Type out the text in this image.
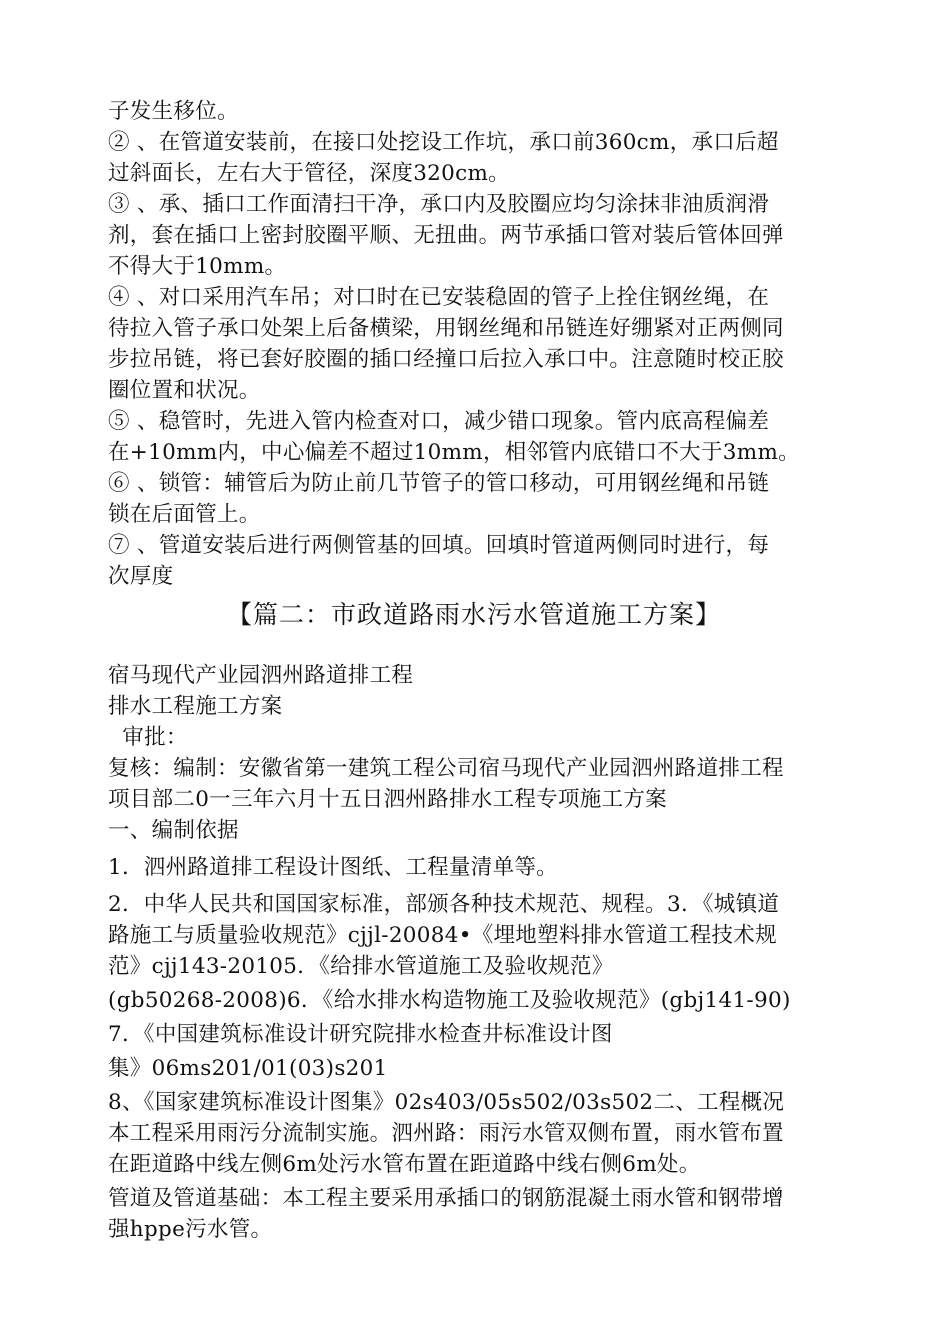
子发生移位。
② 、在管道安装前，在接口处挖设工作坑，承口前360cm，承口后超
过斜面长，左右大于管径，深度320cm。
③ 、承、插口工作面清扫干净，承口内及胶圈应均匀涂抹非油质润滑
剂，套在插口上密封胶圈平顺、无扭曲。两节承插口管对装后管体回弹
不得大于10mm。
④ 、对口采用汽车吊；对口时在已安装稳固的管子上拴住钢丝绳，在
待拉入管子承口处架上后备横梁，用钢丝绳和吊链连好绷紧对正两侧同
步拉吊链，将已套好胶圈的插口经撞口后拉入承口中。注意随时校正胶
圈位置和状况。
⑤ 、稳管时，先进入管内检查对口，减少错口现象。管内底高程偏差
在+10mm内，中心偏差不超过10mm，相邻管内底错口不大于3mm。
⑥ 、锁管：辅管后为防止前几节管子的管口移动，可用钢丝绳和吊链
锁在后面管上。
⑦ 、管道安装后进行两侧管基的回填。回填时管道两侧同时进行，每
次厚度
【篇二：市政道路雨水污水管道施工方案】
宿马现代产业园泗州路道排工程
排水工程施工方案
审批：
复核：编制：安徽省第一建筑工程公司宿马现代产业园泗州路道排工程
项目部二0一三年六月十五日泗州路排水工程专项施工方案
一、编制依据
1．泗州路道排工程设计图纸、工程量清单等。
2．中华人民共和国国家标准，部颁各种技术规范、规程。3．《城镇道
路施工与质量验收规范》cjjl-20084•《埋地塑料排水管道工程技术规
范》cjj143-20105．《给排水管道施工及验收规范》
(gb50268-2008)6．《给水排水构造物施工及验收规范》(gbj141-90)
7．《中国建筑标准设计研究院排水检查井标准设计图
集》06ms201/01(03)s201
8、《国家建筑标准设计图集》02s403/05s502/03s502二、工程概况
本工程采用雨污分流制实施。泗州路：雨污水管双侧布置，雨水管布置
在距道路中线左侧6m处污水管布置在距道路中线右侧6m处。
管道及管道基础：本工程主要采用承插口的钢筋混凝土雨水管和钢带增
强hppe污水管。
